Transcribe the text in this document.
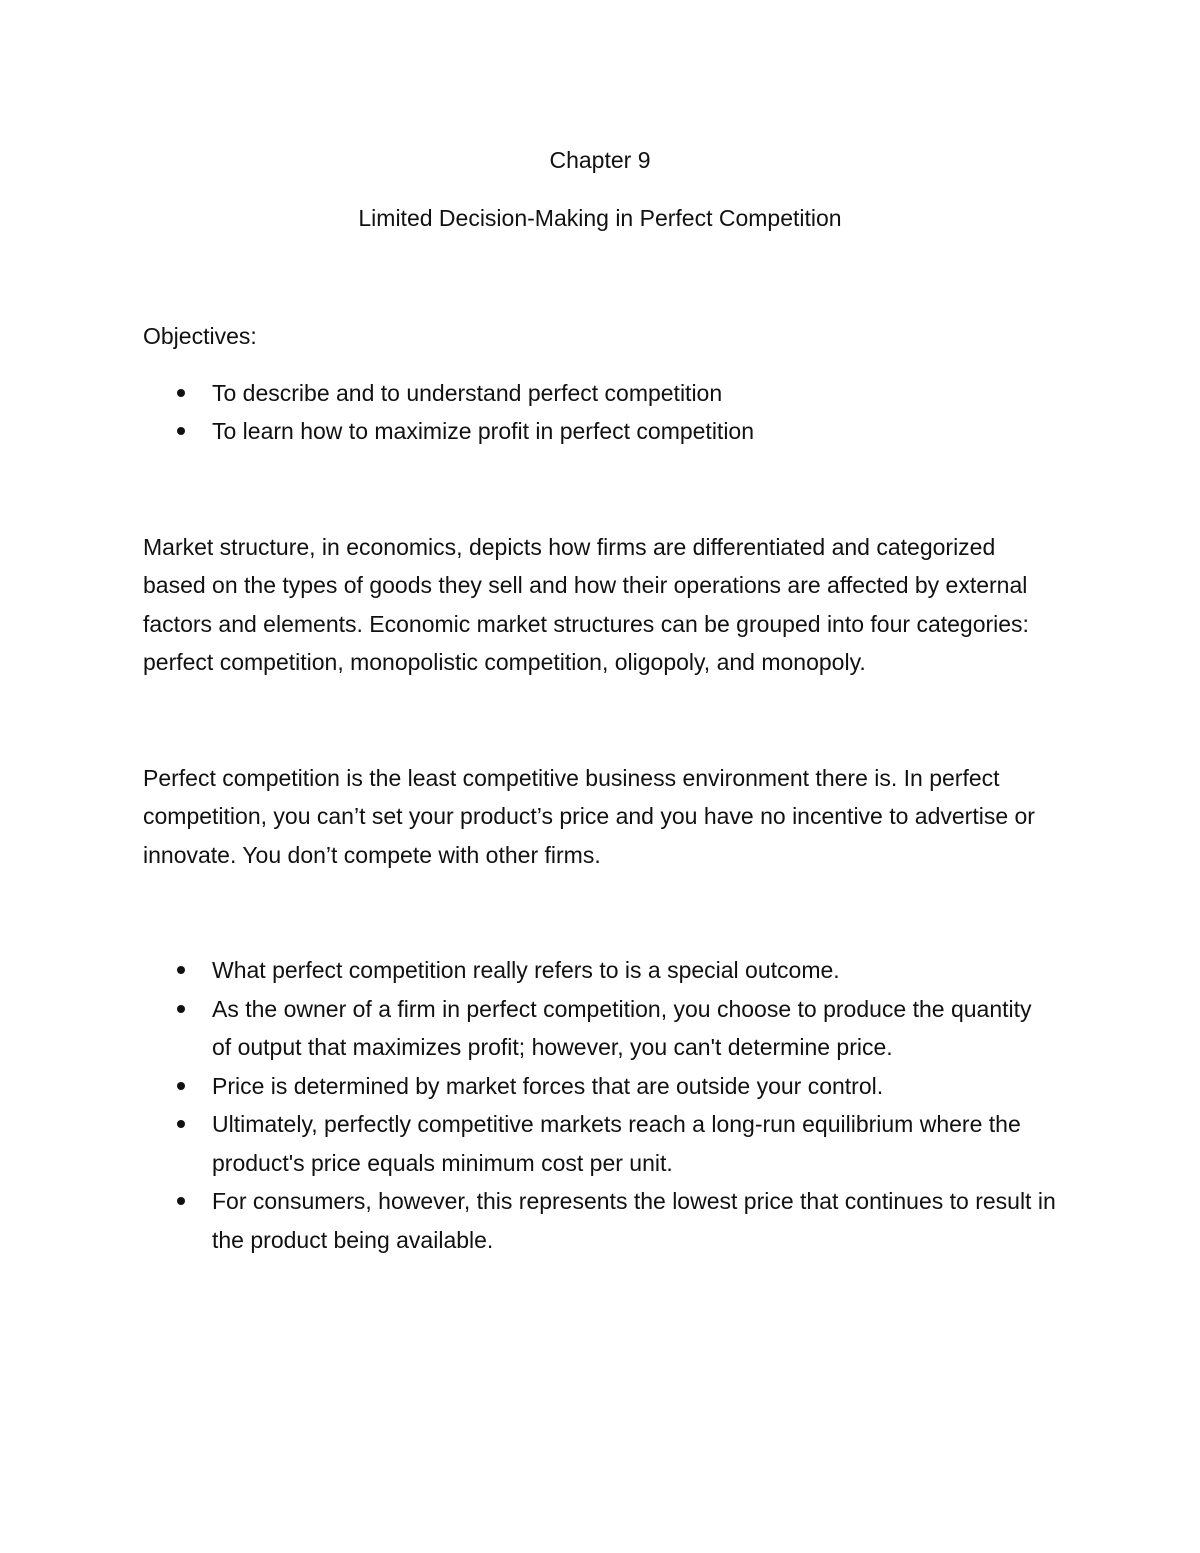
Chapter 9

Limited Decision-Making in Perfect Competition

Objectives:

To describe and to understand perfect competition
To learn how to maximize profit in perfect competition

Market structure, in economics, depicts how firms are differentiated and categorized based on the types of goods they sell and how their operations are affected by external factors and elements. Economic market structures can be grouped into four categories: perfect competition, monopolistic competition, oligopoly, and monopoly.

Perfect competition is the least competitive business environment there is. In perfect competition, you can’t set your product’s price and you have no incentive to advertise or innovate. You don’t compete with other firms.

What perfect competition really refers to is a special outcome.
As the owner of a firm in perfect competition, you choose to produce the quantity of output that maximizes profit; however, you can't determine price.
Price is determined by market forces that are outside your control.
Ultimately, perfectly competitive markets reach a long-run equilibrium where the product's price equals minimum cost per unit.
For consumers, however, this represents the lowest price that continues to result in the product being available.
